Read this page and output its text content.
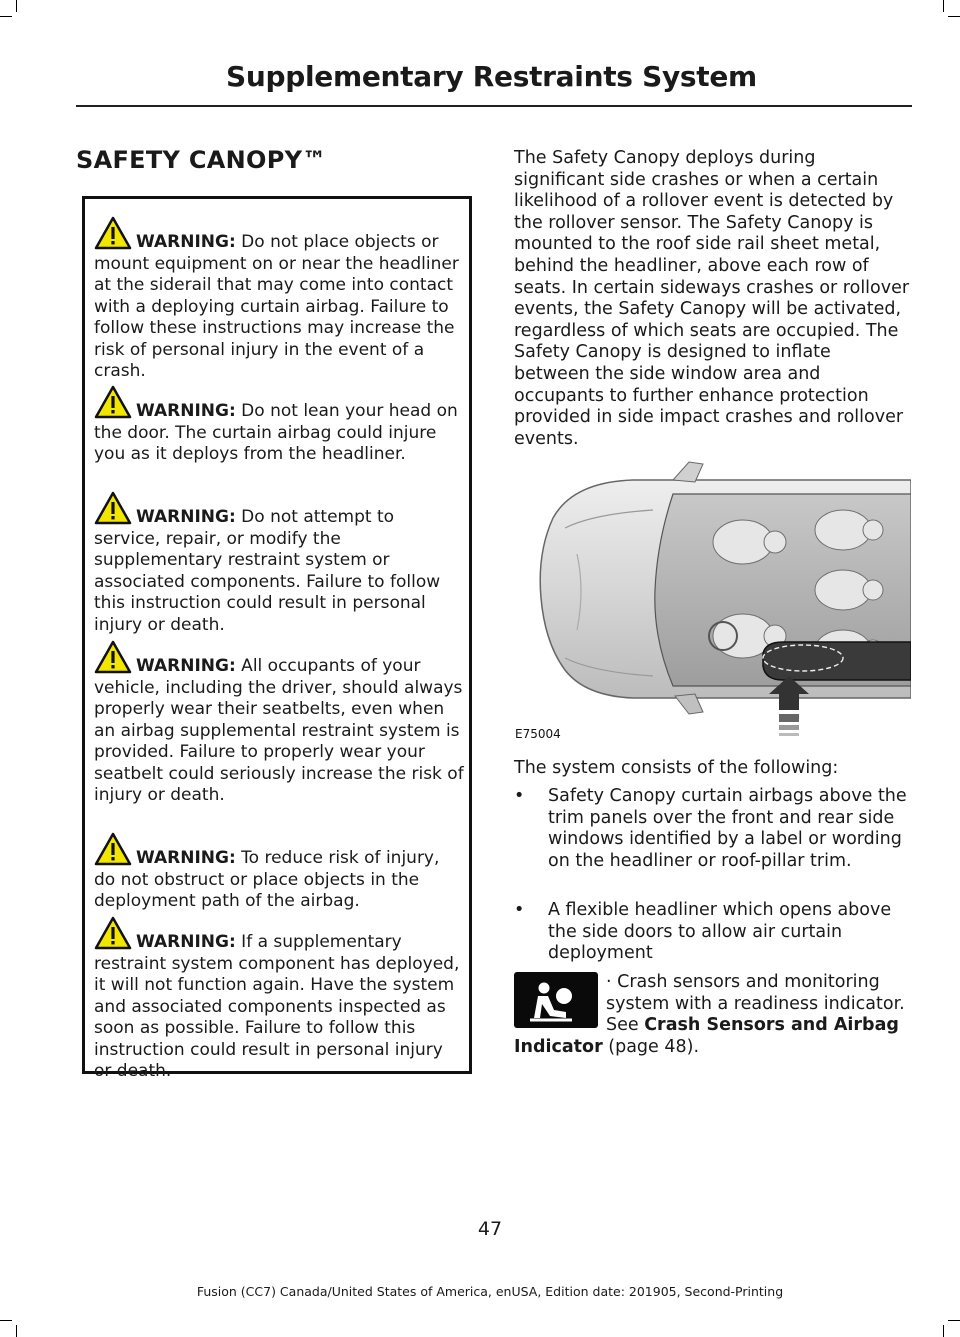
Supplementary Restraints System
SAFETY CANOPY™
WARNING: Do not place objects or mount equipment on or near the headliner at the siderail that may come into contact with a deploying curtain airbag. Failure to follow these instructions may increase the risk of personal injury in the event of a crash.
WARNING: Do not lean your head on the door. The curtain airbag could injure you as it deploys from the headliner.
WARNING: Do not attempt to service, repair, or modify the supplementary restraint system or associated components. Failure to follow this instruction could result in personal injury or death.
WARNING: All occupants of your vehicle, including the driver, should always properly wear their seatbelts, even when an airbag supplemental restraint system is provided. Failure to properly wear your seatbelt could seriously increase the risk of injury or death.
WARNING: To reduce risk of injury, do not obstruct or place objects in the deployment path of the airbag.
WARNING: If a supplementary restraint system component has deployed, it will not function again. Have the system and associated components inspected as soon as possible. Failure to follow this instruction could result in personal injury or death.
The Safety Canopy deploys during significant side crashes or when a certain likelihood of a rollover event is detected by the rollover sensor. The Safety Canopy is mounted to the roof side rail sheet metal, behind the headliner, above each row of seats. In certain sideways crashes or rollover events, the Safety Canopy will be activated, regardless of which seats are occupied. The Safety Canopy is designed to inflate between the side window area and occupants to further enhance protection provided in side impact crashes and rollover events.
E75004
The system consists of the following:
•	Safety Canopy curtain airbags above the trim panels over the front and rear side windows identified by a label or wording on the headliner or roof-pillar trim.
•	A flexible headliner which opens above the side doors to allow air curtain deployment
· Crash sensors and monitoring system with a readiness indicator. See Crash Sensors and Airbag Indicator (page 48).
47
Fusion (CC7) Canada/United States of America, enUSA, Edition date: 201905, Second-Printing
